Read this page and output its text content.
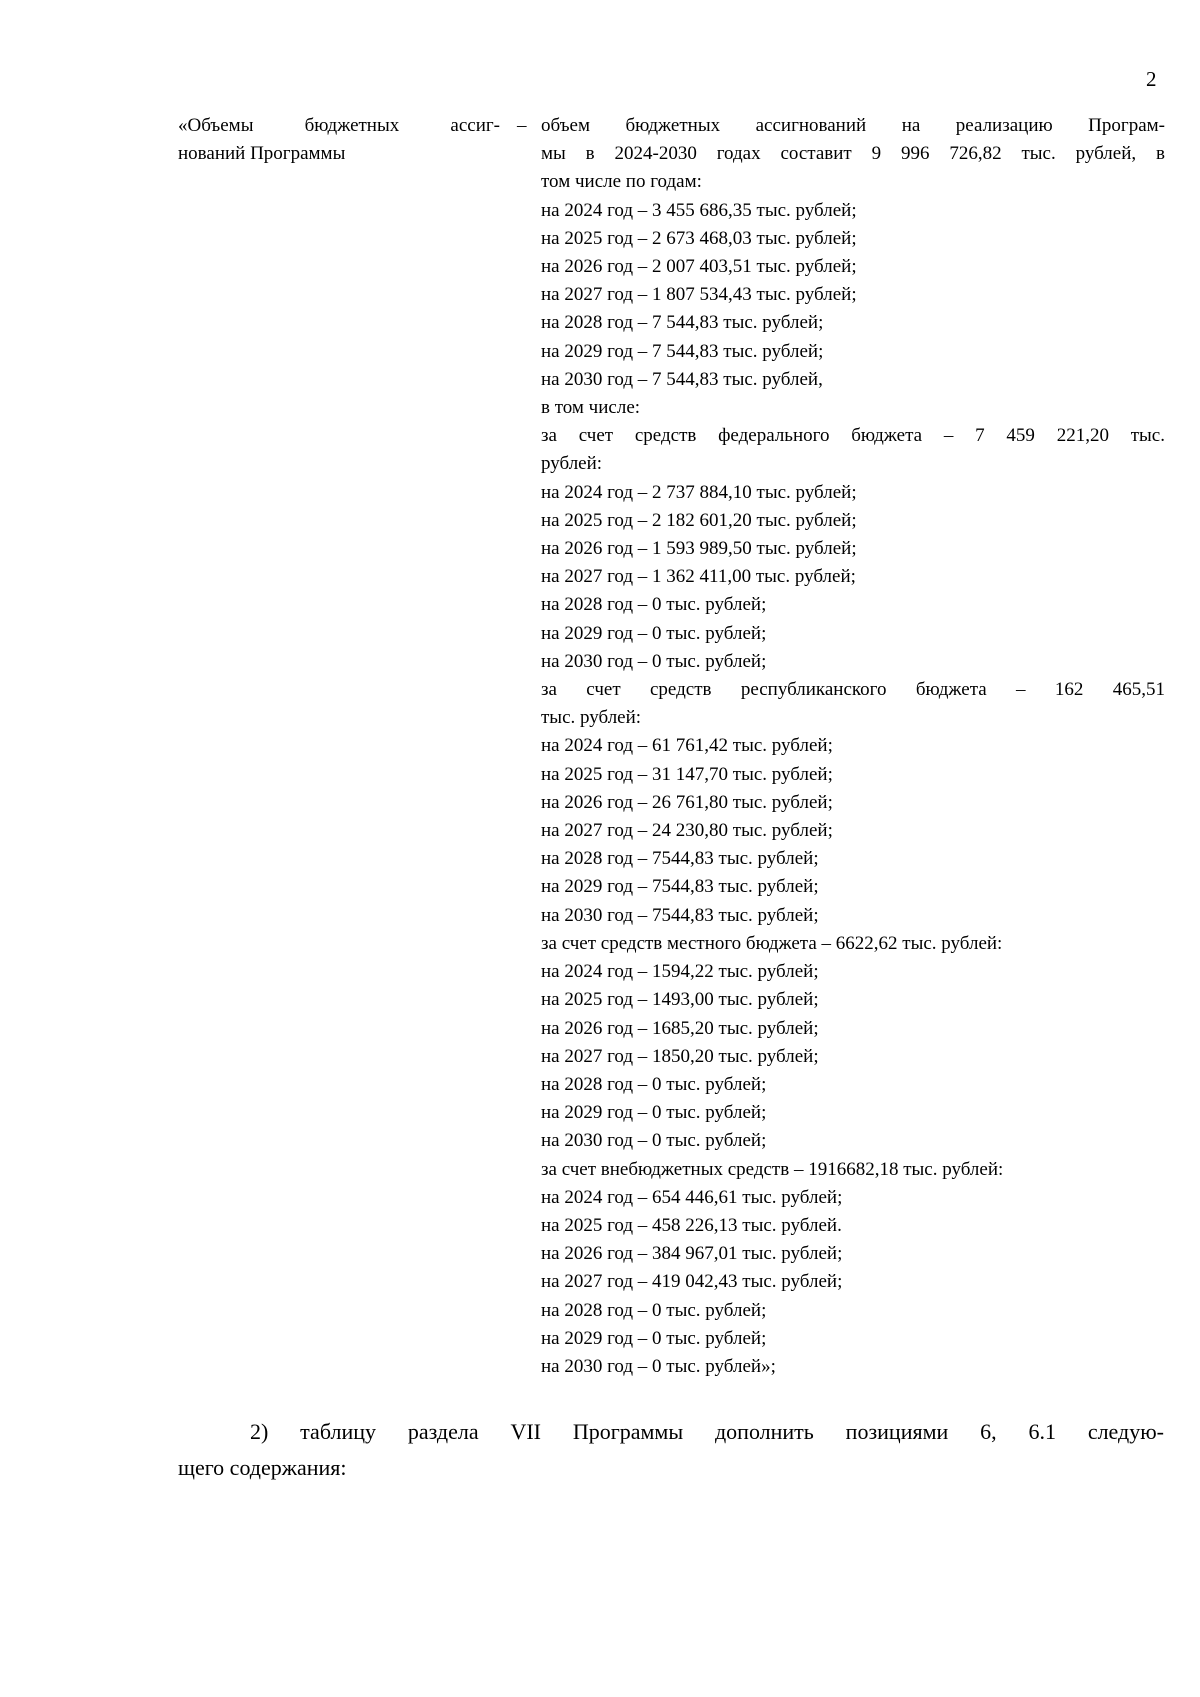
2
«Объемы бюджетных ассиг-
нований Программы
– объем бюджетных ассигнований на реализацию Програм-
мы в 2024-2030 годах составит 9 996 726,82 тыс. рублей, в
том числе по годам:
на 2024 год – 3 455 686,35 тыс. рублей;
на 2025 год – 2 673 468,03 тыс. рублей;
на 2026 год – 2 007 403,51 тыс. рублей;
на 2027 год – 1 807 534,43 тыс. рублей;
на 2028 год – 7 544,83 тыс. рублей;
на 2029 год – 7 544,83 тыс. рублей;
на 2030 год – 7 544,83 тыс. рублей,
в том числе:
за счет средств федерального бюджета – 7 459 221,20 тыс.
рублей:
на 2024 год – 2 737 884,10 тыс. рублей;
на 2025 год – 2 182 601,20 тыс. рублей;
на 2026 год – 1 593 989,50 тыс. рублей;
на 2027 год – 1 362 411,00 тыс. рублей;
на 2028 год – 0 тыс. рублей;
на 2029 год – 0 тыс. рублей;
на 2030 год – 0 тыс. рублей;
за счет средств республиканского бюджета – 162 465,51
тыс. рублей:
на 2024 год – 61 761,42 тыс. рублей;
на 2025 год – 31 147,70 тыс. рублей;
на 2026 год – 26 761,80 тыс. рублей;
на 2027 год – 24 230,80 тыс. рублей;
на 2028 год – 7544,83 тыс. рублей;
на 2029 год – 7544,83 тыс. рублей;
на 2030 год – 7544,83 тыс. рублей;
за счет средств местного бюджета – 6622,62 тыс. рублей:
на 2024 год – 1594,22 тыс. рублей;
на 2025 год – 1493,00 тыс. рублей;
на 2026 год – 1685,20 тыс. рублей;
на 2027 год – 1850,20 тыс. рублей;
на 2028 год – 0 тыс. рублей;
на 2029 год – 0 тыс. рублей;
на 2030 год – 0 тыс. рублей;
за счет внебюджетных средств – 1916682,18 тыс. рублей:
на 2024 год – 654 446,61 тыс. рублей;
на 2025 год – 458 226,13 тыс. рублей.
на 2026 год – 384 967,01 тыс. рублей;
на 2027 год – 419 042,43 тыс. рублей;
на 2028 год – 0 тыс. рублей;
на 2029 год – 0 тыс. рублей;
на 2030 год – 0 тыс. рублей»;
2) таблицу раздела VII Программы дополнить позициями 6, 6.1 следую-
щего содержания:
